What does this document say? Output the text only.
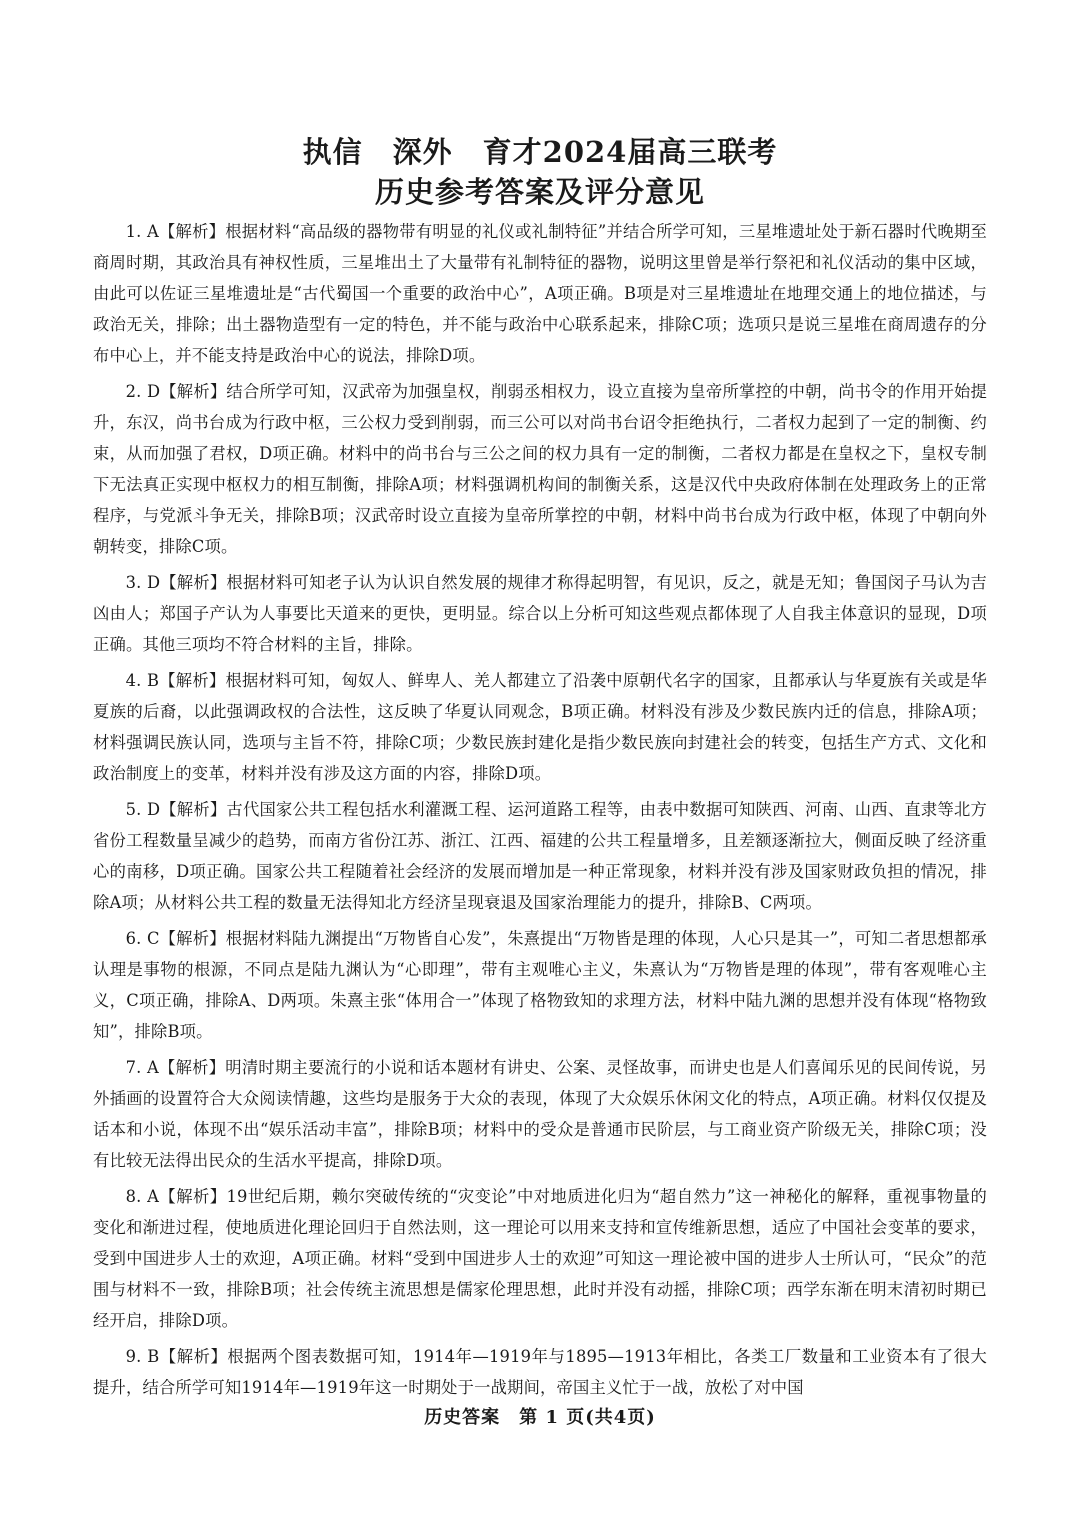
执信　深外　育才2024届高三联考
历史参考答案及评分意见

1. A【解析】根据材料“高品级的器物带有明显的礼仪或礼制特征”并结合所学可知，三星堆遗址处于新石器时代晚期至商周时期，其政治具有神权性质，三星堆出土了大量带有礼制特征的器物，说明这里曾是举行祭祀和礼仪活动的集中区域，由此可以佐证三星堆遗址是“古代蜀国一个重要的政治中心”，A项正确。B项是对三星堆遗址在地理交通上的地位描述，与政治无关，排除；出土器物造型有一定的特色，并不能与政治中心联系起来，排除C项；选项只是说三星堆在商周遗存的分布中心上，并不能支持是政治中心的说法，排除D项。

2. D【解析】结合所学可知，汉武帝为加强皇权，削弱丞相权力，设立直接为皇帝所掌控的中朝，尚书令的作用开始提升，东汉，尚书台成为行政中枢，三公权力受到削弱，而三公可以对尚书台诏令拒绝执行，二者权力起到了一定的制衡、约束，从而加强了君权，D项正确。材料中的尚书台与三公之间的权力具有一定的制衡，二者权力都是在皇权之下，皇权专制下无法真正实现中枢权力的相互制衡，排除A项；材料强调机构间的制衡关系，这是汉代中央政府体制在处理政务上的正常程序，与党派斗争无关，排除B项；汉武帝时设立直接为皇帝所掌控的中朝，材料中尚书台成为行政中枢，体现了中朝向外朝转变，排除C项。

3. D【解析】根据材料可知老子认为认识自然发展的规律才称得起明智，有见识，反之，就是无知；鲁国闵子马认为吉凶由人；郑国子产认为人事要比天道来的更快，更明显。综合以上分析可知这些观点都体现了人自我主体意识的显现，D项正确。其他三项均不符合材料的主旨，排除。

4. B【解析】根据材料可知，匈奴人、鲜卑人、羌人都建立了沿袭中原朝代名字的国家，且都承认与华夏族有关或是华夏族的后裔，以此强调政权的合法性，这反映了华夏认同观念，B项正确。材料没有涉及少数民族内迁的信息，排除A项；材料强调民族认同，选项与主旨不符，排除C项；少数民族封建化是指少数民族向封建社会的转变，包括生产方式、文化和政治制度上的变革，材料并没有涉及这方面的内容，排除D项。

5. D【解析】古代国家公共工程包括水利灌溉工程、运河道路工程等，由表中数据可知陕西、河南、山西、直隶等北方省份工程数量呈减少的趋势，而南方省份江苏、浙江、江西、福建的公共工程量增多，且差额逐渐拉大，侧面反映了经济重心的南移，D项正确。国家公共工程随着社会经济的发展而增加是一种正常现象，材料并没有涉及国家财政负担的情况，排除A项；从材料公共工程的数量无法得知北方经济呈现衰退及国家治理能力的提升，排除B、C两项。

6. C【解析】根据材料陆九渊提出“万物皆自心发”，朱熹提出“万物皆是理的体现，人心只是其一”，可知二者思想都承认理是事物的根源，不同点是陆九渊认为“心即理”，带有主观唯心主义，朱熹认为“万物皆是理的体现”，带有客观唯心主义，C项正确，排除A、D两项。朱熹主张“体用合一”体现了格物致知的求理方法，材料中陆九渊的思想并没有体现“格物致知”，排除B项。

7. A【解析】明清时期主要流行的小说和话本题材有讲史、公案、灵怪故事，而讲史也是人们喜闻乐见的民间传说，另外插画的设置符合大众阅读情趣，这些均是服务于大众的表现，体现了大众娱乐休闲文化的特点，A项正确。材料仅仅提及话本和小说，体现不出“娱乐活动丰富”，排除B项；材料中的受众是普通市民阶层，与工商业资产阶级无关，排除C项；没有比较无法得出民众的生活水平提高，排除D项。

8. A【解析】19世纪后期，赖尔突破传统的“灾变论”中对地质进化归为“超自然力”这一神秘化的解释，重视事物量的变化和渐进过程，使地质进化理论回归于自然法则，这一理论可以用来支持和宣传维新思想，适应了中国社会变革的要求，受到中国进步人士的欢迎，A项正确。材料“受到中国进步人士的欢迎”可知这一理论被中国的进步人士所认可，“民众”的范围与材料不一致，排除B项；社会传统主流思想是儒家伦理思想，此时并没有动摇，排除C项；西学东渐在明末清初时期已经开启，排除D项。

9. B【解析】根据两个图表数据可知，1914年—1919年与1895—1913年相比，各类工厂数量和工业资本有了很大提升，结合所学可知1914年—1919年这一时期处于一战期间，帝国主义忙于一战，放松了对中国

历史答案　第 1 页(共4页)
